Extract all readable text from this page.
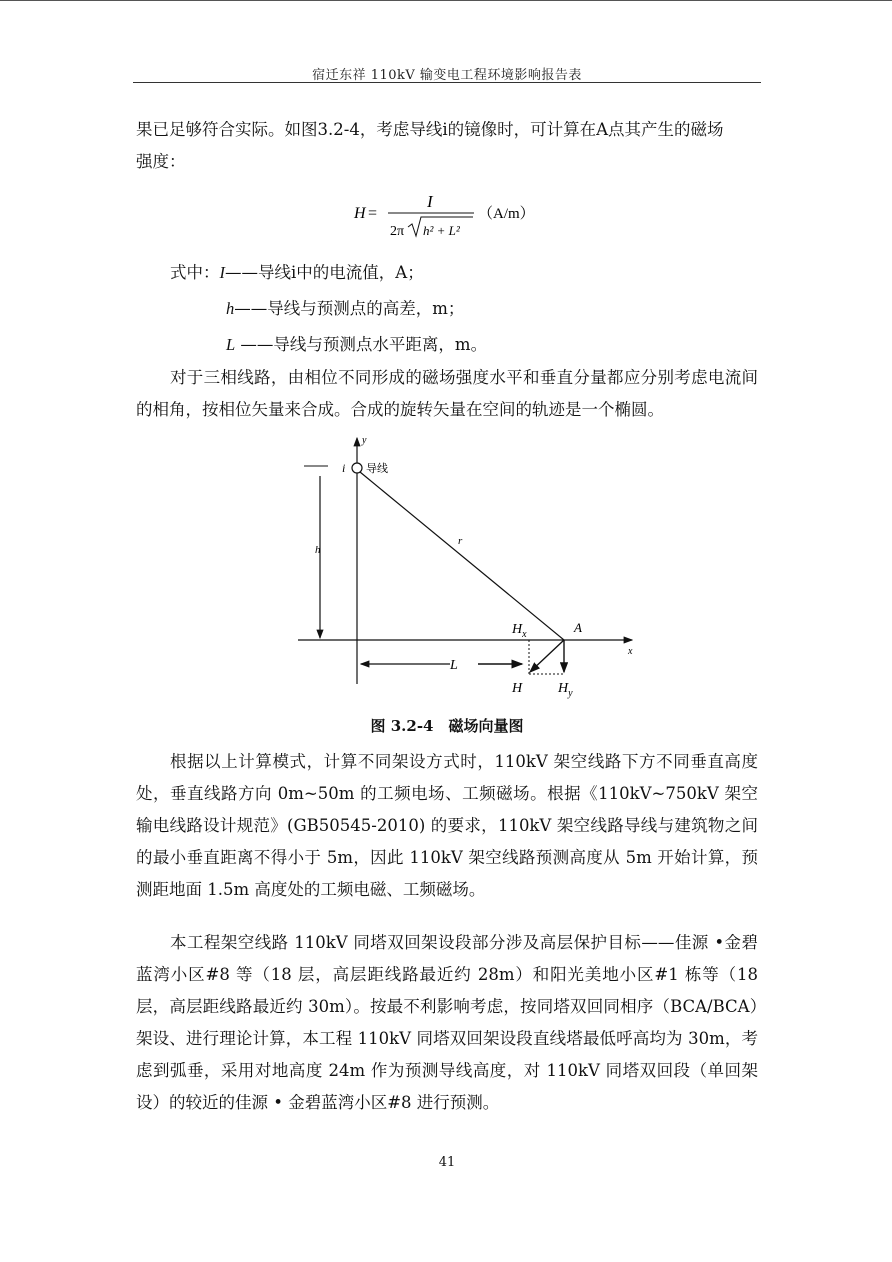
宿迁东祥 110kV 输变电工程环境影响报告表

果已足够符合实际。如图3.2-4，考虑导线i的镜像时，可计算在A点其产生的磁场

强度：

H =
I
2π h² + L²
（A/m）
式中：I——导线i中的电流值，A；
h——导线与预测点的高差，m；
L ——导线与预测点水平距离，m。

对于三相线路，由相位不同形成的磁场强度水平和垂直分量都应分别考虑电流间的相角，按相位矢量来合成。合成的旋转矢量在空间的轨迹是一个椭圆。

y
x
i 导线
h
r
A
$H_x$
L
H	$H_y$
图 3.2-4　磁场向量图

根据以上计算模式，计算不同架设方式时，110kV 架空线路下方不同垂直高度处，垂直线路方向 0m~50m 的工频电场、工频磁场。根据《110kV~750kV 架空输电线路设计规范》(GB50545-2010) 的要求，110kV 架空线路导线与建筑物之间的最小垂直距离不得小于 5m，因此 110kV 架空线路预测高度从 5m 开始计算，预测距地面 1.5m 高度处的工频电磁、工频磁场。

本工程架空线路 110kV 同塔双回架设段部分涉及高层保护目标——佳源 •金碧蓝湾小区#8 等（18 层，高层距线路最近约 28m）和阳光美地小区#1 栋等（18 层，高层距线路最近约 30m）。按最不利影响考虑，按同塔双回同相序（BCA/BCA）架设、进行理论计算，本工程 110kV 同塔双回架设段直线塔最低呼高均为 30m，考虑到弧垂，采用对地高度 24m 作为预测导线高度，对 110kV 同塔双回段（单回架设）的较近的佳源 • 金碧蓝湾小区#8 进行预测。

41
